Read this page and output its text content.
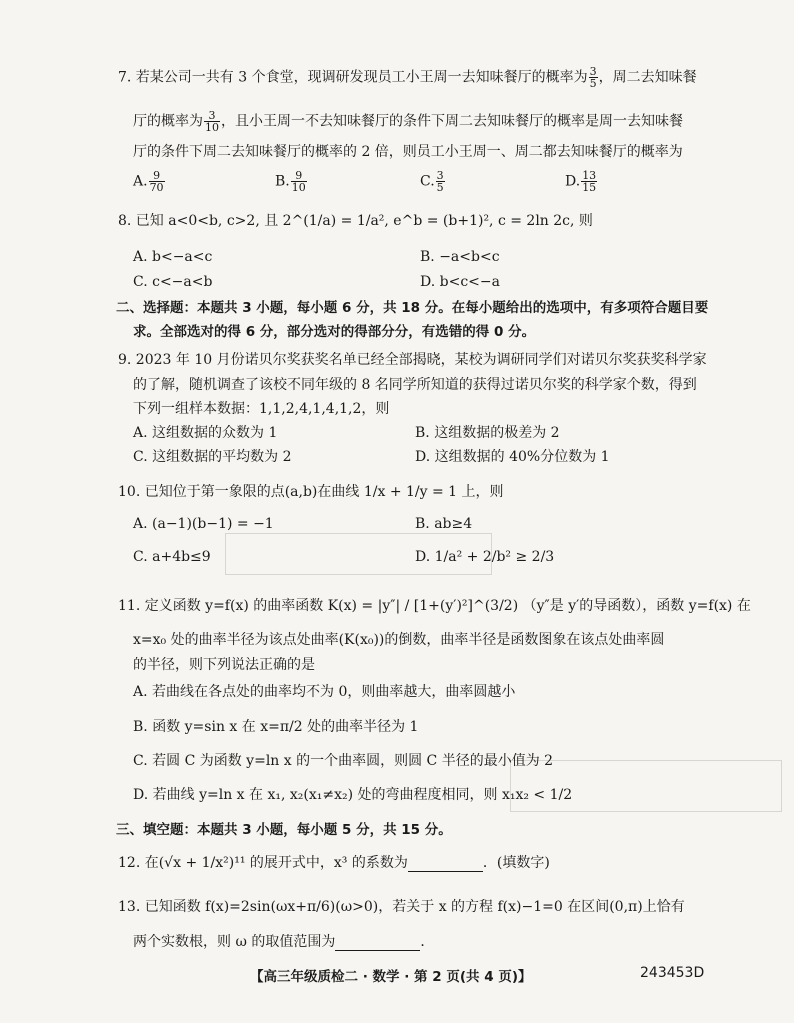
7. 若某公司一共有 3 个食堂，现调研发现员工小王周一去知味餐厅的概率为 $\frac{3}{5}$ ，周二去知味餐
厅的概率为 $\frac{3}{10}$ ，且小王周一不去知味餐厅的条件下周二去知味餐厅的概率是周一去知味餐
厅的条件下周二去知味餐厅的概率的 2 倍，则员工小王周一、周二都去知味餐厅的概率为
A. $\frac{9}{70}$	B. $\frac{9}{10}$	C. $\frac{3}{5}$	D. $\frac{13}{15}$
8. 已知 a<0<b, c>2, 且 2^(1/a) = 1/a², e^b = (b+1)², c = 2ln 2c, 则
A. b<−a<c	B. −a<b<c
C. c<−a<b	D. b<c<−a
二、选择题：本题共 3 小题，每小题 6 分，共 18 分。在每小题给出的选项中，有多项符合题目要
求。全部选对的得 6 分，部分选对的得部分分，有选错的得 0 分。
9. 2023 年 10 月份诺贝尔奖获奖名单已经全部揭晓，某校为调研同学们对诺贝尔奖获奖科学家
的了解，随机调查了该校不同年级的 8 名同学所知道的获得过诺贝尔奖的科学家个数，得到
下列一组样本数据：1,1,2,4,1,4,1,2，则
A. 这组数据的众数为 1	B. 这组数据的极差为 2
C. 这组数据的平均数为 2	D. 这组数据的 40%分位数为 1
10. 已知位于第一象限的点(a,b)在曲线 1/x + 1/y = 1 上，则
A. (a−1)(b−1) = −1	B. ab≥4
C. a+4b≤9	D. 1/a² + 2/b² ≥ 2/3
11. 定义函数 y=f(x) 的曲率函数 K(x) = |y″| / [1+(y′)²]^(3/2) （y″是 y′的导函数），函数 y=f(x) 在
x=x₀ 处的曲率半径为该点处曲率(K(x₀))的倒数，曲率半径是函数图象在该点处曲率圆
的半径，则下列说法正确的是
A. 若曲线在各点处的曲率均不为 0，则曲率越大，曲率圆越小
B. 函数 y=sin x 在 x=π/2 处的曲率半径为 1
C. 若圆 C 为函数 y=ln x 的一个曲率圆，则圆 C 半径的最小值为 2
D. 若曲线 y=ln x 在 x₁, x₂(x₁≠x₂) 处的弯曲程度相同，则 x₁x₂ < 1/2
三、填空题：本题共 3 小题，每小题 5 分，共 15 分。
12. 在(√x + 1/x²)¹¹ 的展开式中，x³ 的系数为	．(填数字)
13. 已知函数 f(x)=2sin(ωx+π/6)(ω>0)，若关于 x 的方程 f(x)−1=0 在区间(0,π)上恰有
两个实数根，则 ω 的取值范围为	．
【高三年级质检二 · 数学 · 第 2 页(共 4 页)】	243453D
